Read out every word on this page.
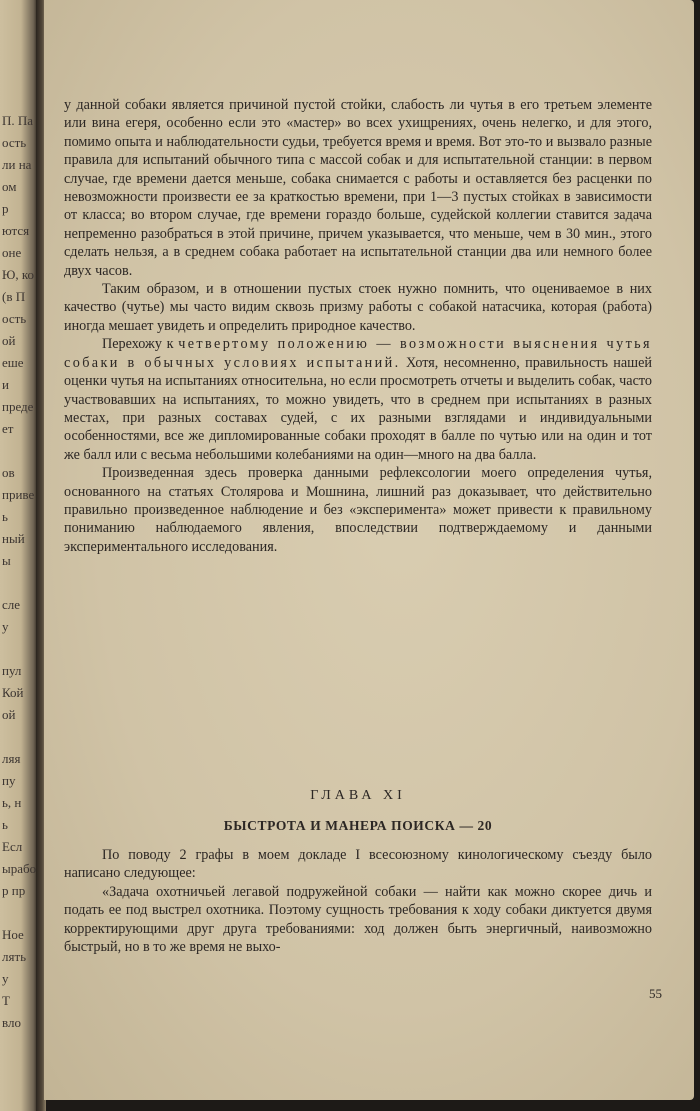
П. Па
ость
ли на
ом
р
ются
оне
Ю, ко
(в П
ость
ой
еше
и
преде
ет

ов
приве
ь
ный
ы

сле
у

пул
Кой
ой

ляя
пу
ь, н
ь
Есл
ырабо
р пр

Ное
лять
у
Т
вло

у данной собаки является причиной пустой стойки, слабость ли чутья в его третьем элементе или вина егеря, особенно если это «мастер» во всех ухищрениях, очень нелегко, и для этого, помимо опыта и наблюдательности судьи, требуется время и время. Вот это-то и вызвало разные правила для испытаний обычного типа с массой собак и для испытательной станции: в первом случае, где времени дается меньше, собака снимается с работы и оставляется без расценки по невозможности произвести ее за краткостью времени, при 1—3 пустых стойках в зависимости от класса; во втором случае, где времени гораздо больше, судейской коллегии ставится задача непременно разобраться в этой причине, причем указывается, что меньше, чем в 30 мин., этого сделать нельзя, а в среднем собака работает на испытательной станции два или немного более двух часов.

Таким образом, и в отношении пустых стоек нужно помнить, что оцениваемое в них качество (чутье) мы часто видим сквозь призму работы с собакой натасчика, которая (работа) иногда мешает увидеть и определить природное качество.

Перехожу к четвертому положению — возможности выяснения чутья собаки в обычных условиях испытаний. Хотя, несомненно, правильность нашей оценки чутья на испытаниях относительна, но если просмотреть отчеты и выделить собак, часто участвовавших на испытаниях, то можно увидеть, что в среднем при испытаниях в разных местах, при разных составах судей, с их разными взглядами и индивидуальными особенностями, все же дипломированные собаки проходят в балле по чутью или на один и тот же балл или с весьма небольшими колебаниями на один—много на два балла.

Произведенная здесь проверка данными рефлексологии моего определения чутья, основанного на статьях Столярова и Мошнина, лишний раз доказывает, что действительно правильно произведенное наблюдение и без «эксперимента» может привести к правильному пониманию наблюдаемого явления, впоследствии подтверждаемому и данными экспериментального исследования.

ГЛАВА XI
БЫСТРОТА И МАНЕРА ПОИСКА — 20

По поводу 2 графы в моем докладе I всесоюзному кинологическому съезду было написано следующее:

«Задача охотничьей легавой подружейной собаки — найти как можно скорее дичь и подать ее под выстрел охотника. Поэтому сущность требования к ходу собаки диктуется двумя корректирующими друг друга требованиями: ход должен быть энергичный, наивозможно быстрый, но в то же время не выхо-

55
